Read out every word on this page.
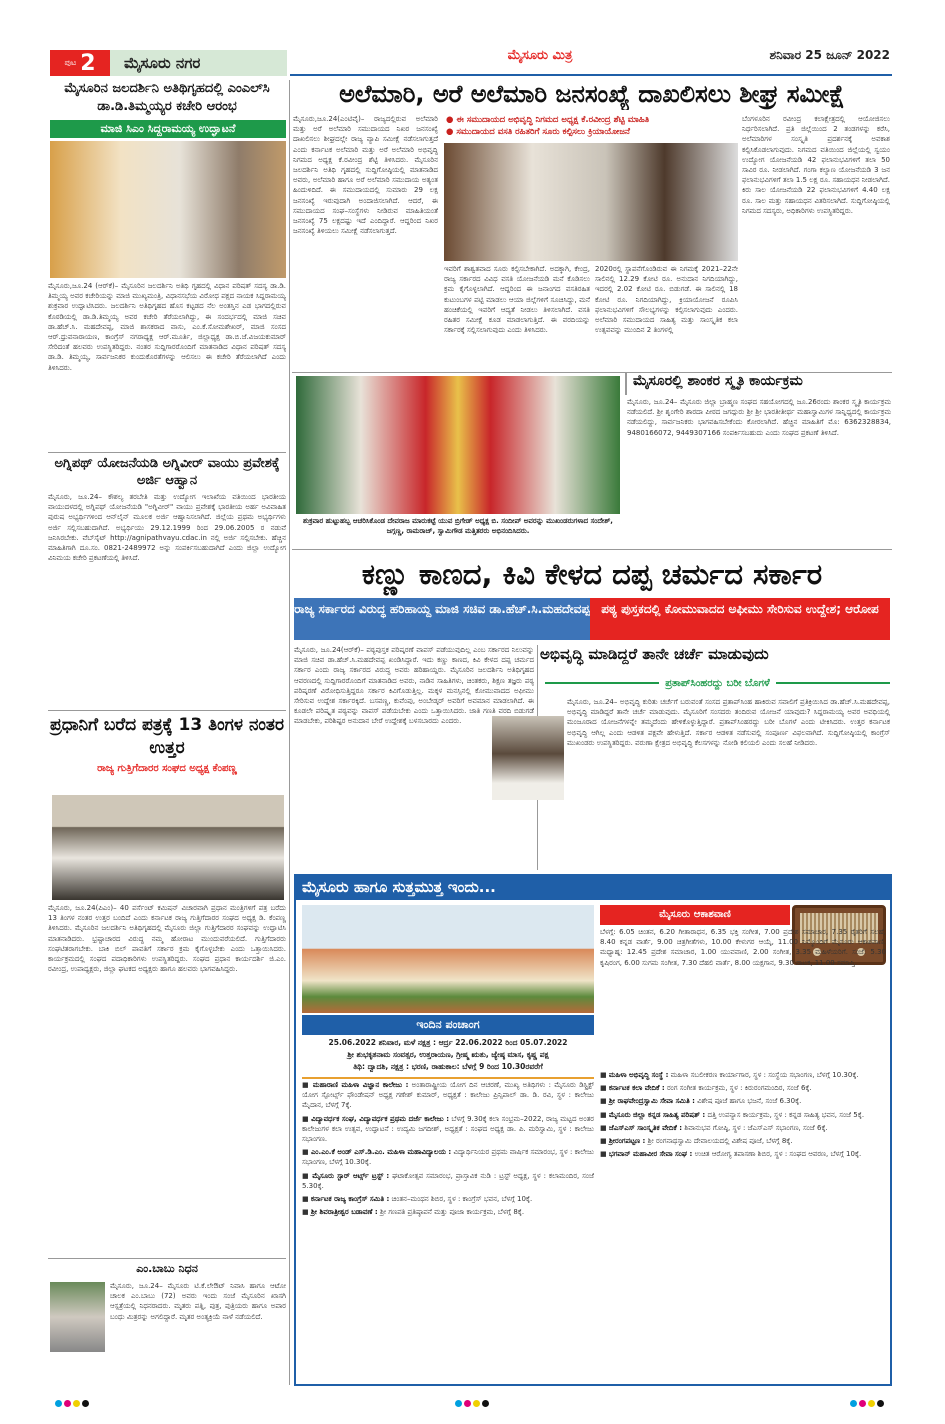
ಪುಟ 2	ಮೈಸೂರು ನಗರ	ಮೈಸೂರು ಮಿತ್ರ	ಶನಿವಾರ 25 ಜೂನ್ 2022
ಮೈಸೂರಿನ ಜಲದರ್ಶಿನಿ ಅತಿಥಿಗೃಹದಲ್ಲಿ ಎಂಎಲ್‌ಸಿ ಡಾ.ಡಿ.ತಿಮ್ಮಯ್ಯರ ಕಚೇರಿ ಆರಂಭ
ಮಾಜಿ ಸಿಎಂ ಸಿದ್ದರಾಮಯ್ಯ ಉದ್ಘಾಟನೆ
ಮೈಸೂರು,ಜೂ.24 (ಆರ್‌ಕೆ)– ಮೈಸೂರಿನ ಜಲದರ್ಶಿನಿ ಅತಿಥಿ ಗೃಹದಲ್ಲಿ ವಿಧಾನ ಪರಿಷತ್ ಸದಸ್ಯ ಡಾ.ಡಿ. ತಿಮ್ಮಯ್ಯ ಅವರ ಕಚೇರಿಯನ್ನು ಮಾಜಿ ಮುಖ್ಯಮಂತ್ರಿ, ವಿಧಾನಸಭೆಯ ವಿರೋಧ ಪಕ್ಷದ ನಾಯಕ ಸಿದ್ದರಾಮಯ್ಯ ಶುಕ್ರವಾರ ಉದ್ಘಾಟಿಸಿದರು. ಜಲದರ್ಶಿನಿ ಅತಿಥಿಗೃಹದ ಹೊಸ ಕಟ್ಟಡದ ನೆಲ ಅಂತಸ್ತಿನ ಎಡ ಭಾಗದಲ್ಲಿರುವ ಕೊಠಡಿಯಲ್ಲಿ ಡಾ.ಡಿ.ತಿಮ್ಮಯ್ಯ ಅವರ ಕಚೇರಿ ತೆರೆಯಲಾಗಿದ್ದು, ಈ ಸಂದರ್ಭದಲ್ಲಿ ಮಾಜಿ ಸಚಿವ ಡಾ.ಹೆಚ್.ಸಿ. ಮಹದೇವಪ್ಪ, ಮಾಜಿ ಶಾಸಕರಾದ ವಾಸು, ಎಂ.ಕೆ.ಸೋಮಶೇಖರ್, ಮಾಜಿ ಸಂಸದ ಆರ್.ಧ್ರುವನಾರಾಯಣ, ಕಾಂಗ್ರೆಸ್ ನಗರಾಧ್ಯಕ್ಷ ಆರ್.ಮೂರ್ತಿ, ಜಿಲ್ಲಾಧ್ಯಕ್ಷ ಡಾ.ಬಿ.ಜೆ.ವಿಜಯಕುಮಾರ್ ಸೇರಿದಂತೆ ಹಲವರು ಉಪಸ್ಥಿತರಿದ್ದರು. ನಂತರ ಸುದ್ದಿಗಾರರೊಂದಿಗೆ ಮಾತನಾಡಿದ ವಿಧಾನ ಪರಿಷತ್ ಸದಸ್ಯ ಡಾ.ಡಿ. ತಿಮ್ಮಯ್ಯ, ಸಾರ್ವಜನಿಕರ ಕುಂದುಕೊರತೆಗಳನ್ನು ಆಲಿಸಲು ಈ ಕಚೇರಿ ತೆರೆಯಲಾಗಿದೆ ಎಂದು ತಿಳಿಸಿದರು.
ಅಗ್ನಿಪಥ್ ಯೋಜನೆಯಡಿ ಅಗ್ನಿವೀರ್ ವಾಯು ಪ್ರವೇಶಕ್ಕೆ ಅರ್ಜಿ ಆಹ್ವಾನ
ಮೈಸೂರು, ಜೂ.24– ಕೌಶಲ್ಯ ತರಬೇತಿ ಮತ್ತು ಉದ್ಯೋಗ ಇಲಾಖೆಯ ವತಿಯಿಂದ ಭಾರತೀಯ ವಾಯುದಳದಲ್ಲಿ ಅಗ್ನಿಪಥ್ ಯೋಜನೆಯಡಿ "ಅಗ್ನಿವೀರ್" ವಾಯು ಪ್ರವೇಶಕ್ಕೆ ಭಾರತೀಯ ಅರ್ಹ ಅವಿವಾಹಿತ ಪುರುಷ ಅಭ್ಯರ್ಥಿಗಳಿಂದ ಆನ್‌ಲೈನ್ ಮೂಲಕ ಅರ್ಜಿ ಆಹ್ವಾನಿಸಲಾಗಿದೆ. ಜಿಲ್ಲೆಯ ಪ್ರಥಮ ಅಭ್ಯರ್ಥಿಗಳು ಅರ್ಜಿ ಸಲ್ಲಿಸಬಹುದಾಗಿದೆ. ಅಭ್ಯರ್ಥಿಯು 29.12.1999 ರಿಂದ 29.06.2005 ರ ನಡುವೆ ಜನಿಸಿರಬೇಕು. ವೆಬ್‌ಸೈಟ್ http://agnipathvayu.cdac.in ನಲ್ಲಿ ಅರ್ಜಿ ಸಲ್ಲಿಸಬೇಕು. ಹೆಚ್ಚಿನ ಮಾಹಿತಿಗಾಗಿ ದೂ.ಸಂ. 0821-2489972 ಅನ್ನು ಸಂಪರ್ಕಿಸಬಹುದಾಗಿದೆ ಎಂದು ಜಿಲ್ಲಾ ಉದ್ಯೋಗ ವಿನಿಮಯ ಕಚೇರಿ ಪ್ರಕಟಣೆಯಲ್ಲಿ ತಿಳಿಸಿದೆ.
ಪ್ರಧಾನಿಗೆ ಬರೆದ ಪತ್ರಕ್ಕೆ 13 ತಿಂಗಳ ನಂತರ ಉತ್ತರ
ರಾಜ್ಯ ಗುತ್ತಿಗೆದಾರರ ಸಂಘದ ಅಧ್ಯಕ್ಷ ಕೆಂಪಣ್ಣ
ಮೈಸೂರು, ಜೂ.24(ಪಿಎಂ)– 40 ಪರ್ಸೆಂಟ್ ಕಮಿಷನ್ ವಿಚಾರವಾಗಿ ಪ್ರಧಾನ ಮಂತ್ರಿಗಳಿಗೆ ಪತ್ರ ಬರೆದು 13 ತಿಂಗಳ ನಂತರ ಉತ್ತರ ಬಂದಿದೆ ಎಂದು ಕರ್ನಾಟಕ ರಾಜ್ಯ ಗುತ್ತಿಗೆದಾರರ ಸಂಘದ ಅಧ್ಯಕ್ಷ ಡಿ. ಕೆಂಪಣ್ಣ ತಿಳಿಸಿದರು. ಮೈಸೂರಿನ ಜಲದರ್ಶಿನಿ ಅತಿಥಿಗೃಹದಲ್ಲಿ ಮೈಸೂರು ಜಿಲ್ಲಾ ಗುತ್ತಿಗೆದಾರರ ಸಂಘವನ್ನು ಉದ್ಘಾಟಿಸಿ ಮಾತನಾಡಿದರು. ಭ್ರಷ್ಟಾಚಾರದ ವಿರುದ್ಧ ನಮ್ಮ ಹೋರಾಟ ಮುಂದುವರೆಯಲಿದೆ. ಗುತ್ತಿಗೆದಾರರು ಸಂಘಟಿತರಾಗಬೇಕು. ಬಾಕಿ ಬಿಲ್ ಪಾವತಿಗೆ ಸರ್ಕಾರ ಕ್ರಮ ಕೈಗೊಳ್ಳಬೇಕು ಎಂದು ಒತ್ತಾಯಿಸಿದರು. ಕಾರ್ಯಕ್ರಮದಲ್ಲಿ ಸಂಘದ ಪದಾಧಿಕಾರಿಗಳು ಉಪಸ್ಥಿತರಿದ್ದರು. ಸಂಘದ ಪ್ರಧಾನ ಕಾರ್ಯದರ್ಶಿ ಜಿ.ಎಂ. ರವೀಂದ್ರ, ಉಪಾಧ್ಯಕ್ಷರು, ಜಿಲ್ಲಾ ಘಟಕದ ಅಧ್ಯಕ್ಷರು ಹಾಗೂ ಹಲವರು ಭಾಗವಹಿಸಿದ್ದರು.
ಎಂ.ಬಾಬು ನಿಧನ
ಮೈಸೂರು, ಜೂ.24– ಮೈಸೂರು ಟಿ.ಕೆ.ಲೇಔಟ್ ನಿವಾಸಿ ಹಾಗೂ ಆಟೋ ಚಾಲಕ ಎಂ.ಬಾಬು (72) ಅವರು ಇಂದು ಸಂಜೆ ಮೈಸೂರಿನ ಖಾಸಗಿ ಆಸ್ಪತ್ರೆಯಲ್ಲಿ ನಿಧನರಾದರು. ಮೃತರು ಪತ್ನಿ, ಪುತ್ರ, ಪುತ್ರಿಯರು ಹಾಗೂ ಅಪಾರ ಬಂಧು ಮಿತ್ರರನ್ನು ಅಗಲಿದ್ದಾರೆ. ಮೃತರ ಅಂತ್ಯಕ್ರಿಯೆ ನಾಳೆ ನಡೆಯಲಿದೆ.
ಅಲೆಮಾರಿ, ಅರೆ ಅಲೆಮಾರಿ ಜನಸಂಖ್ಯೆ ದಾಖಲಿಸಲು ಶೀಘ್ರ ಸಮೀಕ್ಷೆ
ಮೈಸೂರು,ಜೂ.24(ಎಂಟಿವೈ)– ರಾಜ್ಯದಲ್ಲಿರುವ ಅಲೆಮಾರಿ ಮತ್ತು ಅರೆ ಅಲೆಮಾರಿ ಸಮುದಾಯದ ನಿಖರ ಜನಸಂಖ್ಯೆ ದಾಖಲಿಸಲು ಶೀಘ್ರದಲ್ಲೇ ರಾಜ್ಯ ವ್ಯಾಪಿ ಸಮೀಕ್ಷೆ ನಡೆಸಲಾಗುತ್ತದೆ ಎಂದು ಕರ್ನಾಟಕ ಅಲೆಮಾರಿ ಮತ್ತು ಅರೆ ಅಲೆಮಾರಿ ಅಭಿವೃದ್ಧಿ ನಿಗಮದ ಅಧ್ಯಕ್ಷ ಕೆ.ರವೀಂದ್ರ ಶೆಟ್ಟಿ ತಿಳಿಸಿದರು. ಮೈಸೂರಿನ ಜಲದರ್ಶಿನಿ ಅತಿಥಿ ಗೃಹದಲ್ಲಿ ಸುದ್ದಿಗೋಷ್ಠಿಯಲ್ಲಿ ಮಾತನಾಡಿದ ಅವರು, ಅಲೆಮಾರಿ ಹಾಗೂ ಅರೆ ಅಲೆಮಾರಿ ಸಮುದಾಯ ಅತ್ಯಂತ ಹಿಂದುಳಿದಿದೆ. ಈ ಸಮುದಾಯದಲ್ಲಿ ಸುಮಾರು 29 ಲಕ್ಷ ಜನಸಂಖ್ಯೆ ಇರುವುದಾಗಿ ಅಂದಾಜಿಸಲಾಗಿದೆ. ಆದರೆ, ಈ ಸಮುದಾಯದ ಸಂಘ–ಸಂಸ್ಥೆಗಳು ನೀಡಿರುವ ಮಾಹಿತಿಯಂತೆ ಜನಸಂಖ್ಯೆ 75 ಲಕ್ಷದಷ್ಟು ಇದೆ ಎಂದಿದ್ದಾರೆ. ಆದ್ದರಿಂದ ನಿಖರ ಜನಸಂಖ್ಯೆ ತಿಳಿಯಲು ಸಮೀಕ್ಷೆ ನಡೆಸಲಾಗುತ್ತದೆ.
● ಈ ಸಮುದಾಯದ ಅಭಿವೃದ್ಧಿ ನಿಗಮದ ಅಧ್ಯಕ್ಷ ಕೆ.ರವೀಂದ್ರ ಶೆಟ್ಟಿ ಮಾಹಿತಿ
● ಸಮುದಾಯದ ವಸತಿ ರಹಿತರಿಗೆ ಸೂರು ಕಲ್ಪಿಸಲು ಕ್ರಿಯಾಯೋಜನೆ
ಇವರಿಗೆ ಶಾಶ್ವತವಾದ ಸೂರು ಕಲ್ಪಿಸಬೇಕಾಗಿದೆ. ಅದಕ್ಕಾಗಿ, ಕೇಂದ್ರ, ರಾಜ್ಯ ಸರ್ಕಾರದ ವಿವಿಧ ವಸತಿ ಯೋಜನೆಯಡಿ ಮನೆ ಕೊಡಿಸಲು ಕ್ರಮ ಕೈಗೊಳ್ಳಲಾಗಿದೆ. ಆದ್ದರಿಂದ ಈ ಜನಾಂಗದ ವಸತಿರಹಿತ ಕುಟುಂಬಗಳ ಪಟ್ಟಿ ಮಾಡಲು ಆಯಾ ಜಿಲ್ಲೆಗಳಿಗೆ ಸೂಚಿಸಿದ್ದು, ಮನೆ ಹಂಚಿಕೆಯಲ್ಲಿ ಇವರಿಗೆ ಆದ್ಯತೆ ನೀಡಲು ತಿಳಿಸಲಾಗಿದೆ. ವಸತಿ ರಹಿತರ ಸಮೀಕ್ಷೆ ಕೂಡ ಮಾಡಲಾಗುತ್ತಿದೆ. ಈ ವರದಿಯನ್ನು ಸರ್ಕಾರಕ್ಕೆ ಸಲ್ಲಿಸಲಾಗುವುದು ಎಂದು ತಿಳಿಸಿದರು.
2020ರಲ್ಲಿ ಸ್ಥಾಪನೆಗೊಂಡಿರುವ ಈ ನಿಗಮಕ್ಕೆ 2021–22ನೇ ಸಾಲಿನಲ್ಲಿ 12.29 ಕೋಟಿ ರೂ. ಅನುದಾನ ನಿಗದಿಯಾಗಿದ್ದು, ಇದರಲ್ಲಿ 2.02 ಕೋಟಿ ರೂ. ಬಿಡುಗಡೆ. ಈ ಸಾಲಿನಲ್ಲಿ 18 ಕೋಟಿ ರೂ. ನಿಗದಿಯಾಗಿದ್ದು, ಕ್ರಿಯಾಯೋಜನೆ ರೂಪಿಸಿ ಫಲಾನುಭವಿಗಳಿಗೆ ಸೌಲಭ್ಯಗಳನ್ನು ಕಲ್ಪಿಸಲಾಗುವುದು ಎಂದರು. ಅಲೆಮಾರಿ ಸಮುದಾಯದ ಸಾಹಿತ್ಯ ಮತ್ತು ಸಾಂಸ್ಕೃತಿಕ ಕಲಾ ಉತ್ಸವವನ್ನು ಮುಂದಿನ 2 ತಿಂಗಳಲ್ಲಿ
ಬೆಂಗಳೂರಿನ ರವೀಂದ್ರ ಕಲಾಕ್ಷೇತ್ರದಲ್ಲಿ ಆಯೋಜಿಸಲು ನಿರ್ಧರಿಸಲಾಗಿದೆ. ಪ್ರತಿ ಜಿಲ್ಲೆಯಿಂದ 2 ತಂಡಗಳನ್ನು ಕರೆಸಿ, ಅಲೆಮಾರಿಗಳ ಸಂಸ್ಕೃತಿ ಪ್ರದರ್ಶನಕ್ಕೆ ಅವಕಾಶ ಕಲ್ಪಿಸಿಕೊಡಲಾಗುವುದು. ನಿಗಮದ ವತಿಯಿಂದ ಜಿಲ್ಲೆಯಲ್ಲಿ ಸ್ವಯಂ ಉದ್ಯೋಗ ಯೋಜನೆಯಡಿ 42 ಫಲಾನುಭವಿಗಳಿಗೆ ತಲಾ 50 ಸಾವಿರ ರೂ. ನೀಡಲಾಗಿದೆ. ಗಂಗಾ ಕಲ್ಯಾಣ ಯೋಜನೆಯಡಿ 3 ಜನ ಫಲಾನುಭವಿಗಳಿಗೆ ತಲಾ 1.5 ಲಕ್ಷ ರೂ. ಸಹಾಯಧನ ನೀಡಲಾಗಿದೆ. ಕಿರು ಸಾಲ ಯೋಜನೆಯಡಿ 22 ಫಲಾನುಭವಿಗಳಿಗೆ 4.40 ಲಕ್ಷ ರೂ. ಸಾಲ ಮತ್ತು ಸಹಾಯಧನ ವಿತರಿಸಲಾಗಿದೆ. ಸುದ್ದಿಗೋಷ್ಠಿಯಲ್ಲಿ ನಿಗಮದ ಸದಸ್ಯರು, ಅಧಿಕಾರಿಗಳು ಉಪಸ್ಥಿತರಿದ್ದರು.
ಶುಕ್ರವಾರ ಹುಟ್ಟುಹಬ್ಬ ಆಚರಿಸಿಕೊಂಡ ದೇವರಾಜ ಮಾರುಕಟ್ಟೆ ಯುವ ಬ್ರಿಗೇಡ್ ಅಧ್ಯಕ್ಷ ಬಿ. ಸಂದೀಪ್ ಅವರನ್ನು ಮುಖಂಡರುಗಳಾದ ಸಂದೇಶ್, ಜಗ್ಗಣ್ಣ, ರಾಮರಾಜ್, ಸ್ವಾಮಿಗೌಡ ಮತ್ತಿತರರು ಅಭಿನಂದಿಸಿದರು.
ಮೈಸೂರಲ್ಲಿ ಶಾಂಕರ ಸ್ಮೃತಿ ಕಾರ್ಯಕ್ರಮ
ಮೈಸೂರು, ಜೂ.24– ಮೈಸೂರು ಜಿಲ್ಲಾ ಬ್ರಾಹ್ಮಣ ಸಂಘದ ಸಹಯೋಗದಲ್ಲಿ ಜೂ.26ರಂದು ಶಾಂಕರ ಸ್ಮೃತಿ ಕಾರ್ಯಕ್ರಮ ನಡೆಯಲಿದೆ. ಶ್ರೀ ಶೃಂಗೇರಿ ಶಾರದಾ ಪೀಠದ ಜಗದ್ಗುರು ಶ್ರೀ ಶ್ರೀ ಭಾರತೀತೀರ್ಥ ಮಹಾಸ್ವಾಮಿಗಳ ಸಾನ್ನಿಧ್ಯದಲ್ಲಿ ಕಾರ್ಯಕ್ರಮ ನಡೆಯಲಿದ್ದು, ಸಾರ್ವಜನಿಕರು ಭಾಗವಹಿಸಬೇಕೆಂದು ಕೋರಲಾಗಿದೆ. ಹೆಚ್ಚಿನ ಮಾಹಿತಿಗೆ ಮೊ: 6362328834, 9480166072, 9449307166 ಸಂಪರ್ಕಿಸಬಹುದು ಎಂದು ಸಂಘದ ಪ್ರಕಟಣೆ ತಿಳಿಸಿದೆ.
ಕಣ್ಣು ಕಾಣದ, ಕಿವಿ ಕೇಳದ ದಪ್ಪ ಚರ್ಮದ ಸರ್ಕಾರ
ರಾಜ್ಯ ಸರ್ಕಾರದ ವಿರುದ್ಧ ಹರಿಹಾಯ್ದ ಮಾಜಿ ಸಚಿವ ಡಾ.ಹೆಚ್.ಸಿ.ಮಹದೇವಪ್ಪ ಪಠ್ಯ ಪುಸ್ತಕದಲ್ಲಿ ಕೋಮುವಾದದ ಅಫೀಮು ಸೇರಿಸುವ ಉದ್ದೇಶ; ಆರೋಪ
ಮೈಸೂರು, ಜೂ.24(ಆರ್‌ಕೆ)– ಪಠ್ಯಪುಸ್ತಕ ಪರಿಷ್ಕರಣೆ ವಾಪಸ್ ಪಡೆಯುವುದಿಲ್ಲ ಎಂಬ ಸರ್ಕಾರದ ನಿಲುವನ್ನು ಮಾಜಿ ಸಚಿವ ಡಾ.ಹೆಚ್.ಸಿ.ಮಹದೇವಪ್ಪ ಖಂಡಿಸಿದ್ದಾರೆ. ಇದು ಕಣ್ಣು ಕಾಣದ, ಕಿವಿ ಕೇಳದ ದಪ್ಪ ಚರ್ಮದ ಸರ್ಕಾರ ಎಂದು ರಾಜ್ಯ ಸರ್ಕಾರದ ವಿರುದ್ಧ ಅವರು ಹರಿಹಾಯ್ದರು. ಮೈಸೂರಿನ ಜಲದರ್ಶಿನಿ ಅತಿಥಿಗೃಹದ ಆವರಣದಲ್ಲಿ ಸುದ್ದಿಗಾರರೊಂದಿಗೆ ಮಾತನಾಡಿದ ಅವರು, ನಾಡಿನ ಸಾಹಿತಿಗಳು, ಚಿಂತಕರು, ಶಿಕ್ಷಣ ತಜ್ಞರು ಪಠ್ಯ ಪರಿಷ್ಕರಣೆ ವಿರೋಧಿಸುತ್ತಿದ್ದರೂ ಸರ್ಕಾರ ಕಿವಿಗೊಡುತ್ತಿಲ್ಲ. ಮಕ್ಕಳ ಮನಸ್ಸಿನಲ್ಲಿ ಕೋಮುವಾದದ ಅಫೀಮು ಸೇರಿಸುವ ಉದ್ದೇಶ ಸರ್ಕಾರಕ್ಕಿದೆ. ಬಸವಣ್ಣ, ಕುವೆಂಪು, ಅಂಬೇಡ್ಕರ್ ಅವರಿಗೆ ಅವಮಾನ ಮಾಡಲಾಗಿದೆ. ಈ ಕೂಡಲೇ ಪರಿಷ್ಕೃತ ಪಠ್ಯವನ್ನು ವಾಪಸ್ ಪಡೆಯಬೇಕು ಎಂದು ಒತ್ತಾಯಿಸಿದರು. ಜಾತಿ ಗಣತಿ ವರದಿ ಬಿಡುಗಡೆ ಮಾಡಬೇಕು, ಪರಿಶಿಷ್ಟರ ಅನುದಾನ ಬೇರೆ ಉದ್ದೇಶಕ್ಕೆ ಬಳಸಬಾರದು ಎಂದರು.
ಅಭಿವೃದ್ಧಿ ಮಾಡಿದ್ದರೆ ತಾನೇ ಚರ್ಚೆ ಮಾಡುವುದು
ಪ್ರತಾಪ್‌ಸಿಂಹರದ್ದು ಬರೀ ಬೊಗಳೆ
ಮೈಸೂರು, ಜೂ.24– ಅಭಿವೃದ್ಧಿ ಕುರಿತು ಚರ್ಚೆಗೆ ಬರುವಂತೆ ಸಂಸದ ಪ್ರತಾಪ್‌ಸಿಂಹ ಹಾಕಿರುವ ಸವಾಲಿಗೆ ಪ್ರತಿಕ್ರಿಯಿಸಿದ ಡಾ.ಹೆಚ್.ಸಿ.ಮಹದೇವಪ್ಪ, ಅಭಿವೃದ್ಧಿ ಮಾಡಿದ್ದರೆ ತಾನೇ ಚರ್ಚೆ ಮಾಡುವುದು. ಮೈಸೂರಿಗೆ ಸಂಸದರು ತಂದಿರುವ ಯೋಜನೆ ಯಾವುದು? ಸಿದ್ದರಾಮಯ್ಯ ಅವರ ಅವಧಿಯಲ್ಲಿ ಮಂಜೂರಾದ ಯೋಜನೆಗಳನ್ನೇ ತಮ್ಮದೆಂದು ಹೇಳಿಕೊಳ್ಳುತ್ತಿದ್ದಾರೆ. ಪ್ರತಾಪ್‌ಸಿಂಹರದ್ದು ಬರೀ ಬೊಗಳೆ ಎಂದು ಟೀಕಿಸಿದರು. ಉತ್ತರ ಕರ್ನಾಟಕ ಅಭಿವೃದ್ಧಿ ಆಗಿಲ್ಲ ಎಂದು ಆಡಳಿತ ಪಕ್ಷವೇ ಹೇಳುತ್ತಿದೆ. ಸರ್ಕಾರ ಆಡಳಿತ ನಡೆಸುವಲ್ಲಿ ಸಂಪೂರ್ಣ ವಿಫಲವಾಗಿದೆ. ಸುದ್ದಿಗೋಷ್ಠಿಯಲ್ಲಿ ಕಾಂಗ್ರೆಸ್ ಮುಖಂಡರು ಉಪಸ್ಥಿತರಿದ್ದರು. ವರುಣಾ ಕ್ಷೇತ್ರದ ಅಭಿವೃದ್ಧಿ ಕೆಲಸಗಳನ್ನು ನೋಡಿ ಕಲಿಯಲಿ ಎಂದು ಸಲಹೆ ನೀಡಿದರು.
ಮೈಸೂರು ಹಾಗೂ ಸುತ್ತಮುತ್ತ ಇಂದು...
ಇಂದಿನ ಪಂಚಾಂಗ
25.06.2022 ಶನಿವಾರ, ಮಳೆ ನಕ್ಷತ್ರ : ಆರ್ದ್ರ 22.06.2022 ರಿಂದ 05.07.2022
ಶ್ರೀ ಶುಭಕೃತನಾಮ ಸಂವತ್ಸರ, ಉತ್ತರಾಯಣ, ಗ್ರೀಷ್ಮ ಋತು, ಜ್ಯೇಷ್ಠ ಮಾಸ, ಕೃಷ್ಣ ಪಕ್ಷ
ತಿಥಿ: ದ್ವಾದಶಿ, ನಕ್ಷತ್ರ : ಭರಣಿ, ರಾಹುಕಾಲ: ಬೆಳಗ್ಗೆ 9 ರಿಂದ 10.30ರವರೆಗೆ

■ ಮಹಾರಾಣಿ ಮಹಿಳಾ ವಿಜ್ಞಾನ ಕಾಲೇಜು : ಅಂತಾರಾಷ್ಟ್ರೀಯ ಯೋಗ ದಿನ ಆಚರಣೆ, ಮುಖ್ಯ ಅತಿಥಿಗಳು : ಮೈಸೂರು ಡಿಸ್ಟ್ರಿಕ್ಟ್ ಯೋಗ ಸ್ಪೋರ್ಟ್ಸ್ ಫೌಂಡೇಷನ್ ಅಧ್ಯಕ್ಷ ಗಣೇಶ್ ಕುಮಾರ್, ಅಧ್ಯಕ್ಷತೆ : ಕಾಲೇಜು ಪ್ರಿನ್ಸಿಪಾಲ್ ಡಾ. ಡಿ. ರವಿ, ಸ್ಥಳ : ಕಾಲೇಜು ಮೈದಾನ, ಬೆಳಗ್ಗೆ 7ಕ್ಕೆ.

■ ವಿದ್ಯಾವರ್ಧಕ ಸಂಘ, ವಿದ್ಯಾವರ್ಧಕ ಪ್ರಥಮ ದರ್ಜೆ ಕಾಲೇಜು : ಬೆಳಗ್ಗೆ 9.30ಕ್ಕೆ ಕಲಾ ಸಂಭ್ರಮ–2022, ರಾಜ್ಯ ಮಟ್ಟದ ಅಂತರ ಕಾಲೇಜುಗಳ ಕಲಾ ಉತ್ಸವ, ಉದ್ಘಾಟನೆ : ಉದ್ಯಮಿ ಜಗದೀಶ್, ಅಧ್ಯಕ್ಷತೆ : ಸಂಘದ ಅಧ್ಯಕ್ಷ ಡಾ. ಪಿ. ಮರಿಸ್ವಾಮಿ, ಸ್ಥಳ : ಕಾಲೇಜು ಸಭಾಂಗಣ.

■ ಎಂ.ಎಂ.ಕೆ ಅಂಡ್ ಎಸ್.ಡಿ.ಎಂ. ಮಹಿಳಾ ಮಹಾವಿದ್ಯಾಲಯ : ವಿದ್ಯಾರ್ಥಿನಿಯರ ಪ್ರಥಮ ವಾರ್ಷಿಕ ಸಮಾರಂಭ, ಸ್ಥಳ : ಕಾಲೇಜು ಸಭಾಂಗಣ, ಬೆಳಗ್ಗೆ 10.30ಕ್ಕೆ.

■ ಮೈಸೂರು ಸ್ಟಾರ್ ಆರ್ಟ್ಸ್ ಟ್ರಸ್ಟ್ : ಘಟಾಕೋತ್ಸವ ಸಮಾರಂಭ, ಪ್ರಾಸ್ತಾವಿಕ ನುಡಿ : ಟ್ರಸ್ಟ್ ಅಧ್ಯಕ್ಷ, ಸ್ಥಳ : ಕಲಾಮಂದಿರ, ಸಂಜೆ 5.30ಕ್ಕೆ.

■ ಕರ್ನಾಟಕ ರಾಜ್ಯ ಕಾಂಗ್ರೆಸ್ ಸಮಿತಿ : ಚಿಂತನ–ಮಂಥನ ಶಿಬಿರ, ಸ್ಥಳ : ಕಾಂಗ್ರೆಸ್ ಭವನ, ಬೆಳಗ್ಗೆ 10ಕ್ಕೆ.

■ ಶ್ರೀ ಶಿವರಾತ್ರೀಶ್ವರ ಬಡಾವಣೆ : ಶ್ರೀ ಗಣಪತಿ ಪ್ರತಿಷ್ಠಾಪನೆ ಮತ್ತು ಪೂಜಾ ಕಾರ್ಯಕ್ರಮ, ಬೆಳಗ್ಗೆ 8ಕ್ಕೆ.

ಮೈಸೂರು ಆಕಾಶವಾಣಿ
ಬೆಳಗ್ಗೆ: 6.05 ಚಿಂತನ, 6.20 ಗೀತಾರಾಧನ, 6.35 ಭಕ್ತಿ ಸಂಗೀತ, 7.00 ಪ್ರದೇಶ ಸಮಾಚಾರ, 7.35 ರೈತರಿಗೆ ಸಲಹೆ, 8.40 ಕನ್ನಡ ವಾರ್ತೆ, 9.00 ಚಿತ್ರಗೀತೆಗಳು, 10.00 ಕೇಳುಗರ ಆಯ್ಕೆ, 11.00 ನಿಮ್ಮೊಂದಿಗೆ ಮೈಸೂರು ಆಕಾಶವಾಣಿ. ಮಧ್ಯಾಹ್ನ: 12.45 ಪ್ರದೇಶ ಸಮಾಚಾರ, 1.00 ಯುವವಾಣಿ, 2.00 ಸಂಗೀತ, 3.35 ಮಹಿಳೆಯರಿಗೆ. ಸಂಜೆ: 5.30 ಕೃಷಿರಂಗ, 6.00 ಸುಗಮ ಸಂಗೀತ, 7.30 ದೆಹಲಿ ವಾರ್ತೆ, 8.00 ಯಕ್ಷಗಾನ, 9.30 ನಾಟಕ, 11.00 ಸಮಾಪ್ತಿ.

■ ಮಹಿಳಾ ಅಭಿವೃದ್ಧಿ ಸಂಸ್ಥೆ : ಮಹಿಳಾ ಸಬಲೀಕರಣ ಕಾರ್ಯಾಗಾರ, ಸ್ಥಳ : ಸಂಸ್ಥೆಯ ಸಭಾಂಗಣ, ಬೆಳಗ್ಗೆ 10.30ಕ್ಕೆ.

■ ಕರ್ನಾಟಕ ಕಲಾ ವೇದಿಕೆ : ರಂಗ ಸಂಗೀತ ಕಾರ್ಯಕ್ರಮ, ಸ್ಥಳ : ಕಿರುರಂಗಮಂದಿರ, ಸಂಜೆ 6ಕ್ಕೆ.

■ ಶ್ರೀ ರಾಘವೇಂದ್ರಸ್ವಾಮಿ ಸೇವಾ ಸಮಿತಿ : ವಿಶೇಷ ಪೂಜೆ ಹಾಗೂ ಭಜನೆ, ಸಂಜೆ 6.30ಕ್ಕೆ.

■ ಮೈಸೂರು ಜಿಲ್ಲಾ ಕನ್ನಡ ಸಾಹಿತ್ಯ ಪರಿಷತ್ : ದತ್ತಿ ಉಪನ್ಯಾಸ ಕಾರ್ಯಕ್ರಮ, ಸ್ಥಳ : ಕನ್ನಡ ಸಾಹಿತ್ಯ ಭವನ, ಸಂಜೆ 5ಕ್ಕೆ.

■ ಜೆಎಸ್‌ಎಸ್ ಸಾಂಸ್ಕೃತಿಕ ವೇದಿಕೆ : ಶಿವಾನುಭವ ಗೋಷ್ಠಿ, ಸ್ಥಳ : ಜೆಎಸ್‌ಎಸ್ ಸಭಾಂಗಣ, ಸಂಜೆ 6ಕ್ಕೆ.

■ ಶ್ರೀರಂಗಪಟ್ಟಣ : ಶ್ರೀ ರಂಗನಾಥಸ್ವಾಮಿ ದೇವಾಲಯದಲ್ಲಿ ವಿಶೇಷ ಪೂಜೆ, ಬೆಳಗ್ಗೆ 8ಕ್ಕೆ.

■ ಭಗವಾನ್ ಮಹಾವೀರ ಸೇವಾ ಸಂಘ : ಉಚಿತ ಆರೋಗ್ಯ ತಪಾಸಣಾ ಶಿಬಿರ, ಸ್ಥಳ : ಸಂಘದ ಆವರಣ, ಬೆಳಗ್ಗೆ 10ಕ್ಕೆ.
